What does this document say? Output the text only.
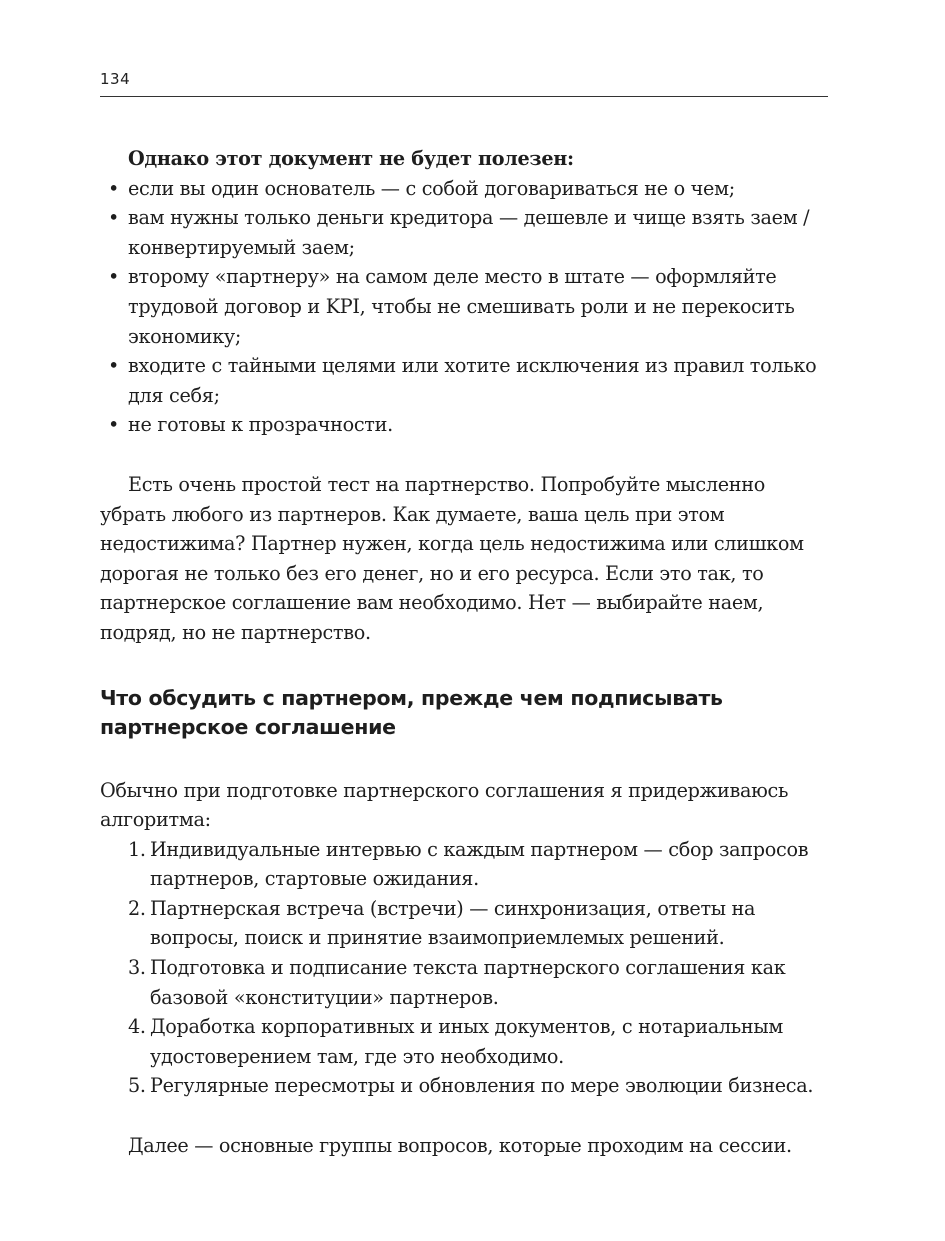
134

Однако этот документ не будет полезен:

• если вы один основатель — с собой договариваться не о чем;
• вам нужны только деньги кредитора — дешевле и чище взять заем / конвертируемый заем;
• второму «партнеру» на самом деле место в штате — оформляйте трудовой договор и KPI, чтобы не смешивать роли и не перекосить экономику;
• входите с тайными целями или хотите исключения из правил только для себя;
• не готовы к прозрачности.

Есть очень простой тест на партнерство. Попробуйте мысленно убрать любого из партнеров. Как думаете, ваша цель при этом недостижима? Партнер нужен, когда цель недостижима или слишком дорогая не только без его денег, но и его ресурса. Если это так, то партнерское соглашение вам необходимо. Нет — выбирайте наем, подряд, но не партнерство.

Что обсудить с партнером, прежде чем подписывать партнерское соглашение

Обычно при подготовке партнерского соглашения я придерживаюсь алгоритма:

1. Индивидуальные интервью с каждым партнером — сбор запросов партнеров, стартовые ожидания.
2. Партнерская встреча (встречи) — синхронизация, ответы на вопросы, поиск и принятие взаимоприемлемых решений.
3. Подготовка и подписание текста партнерского соглашения как базовой «конституции» партнеров.
4. Доработка корпоративных и иных документов, с нотариальным удостоверением там, где это необходимо.
5. Регулярные пересмотры и обновления по мере эволюции бизнеса.

Далее — основные группы вопросов, которые проходим на сессии.
